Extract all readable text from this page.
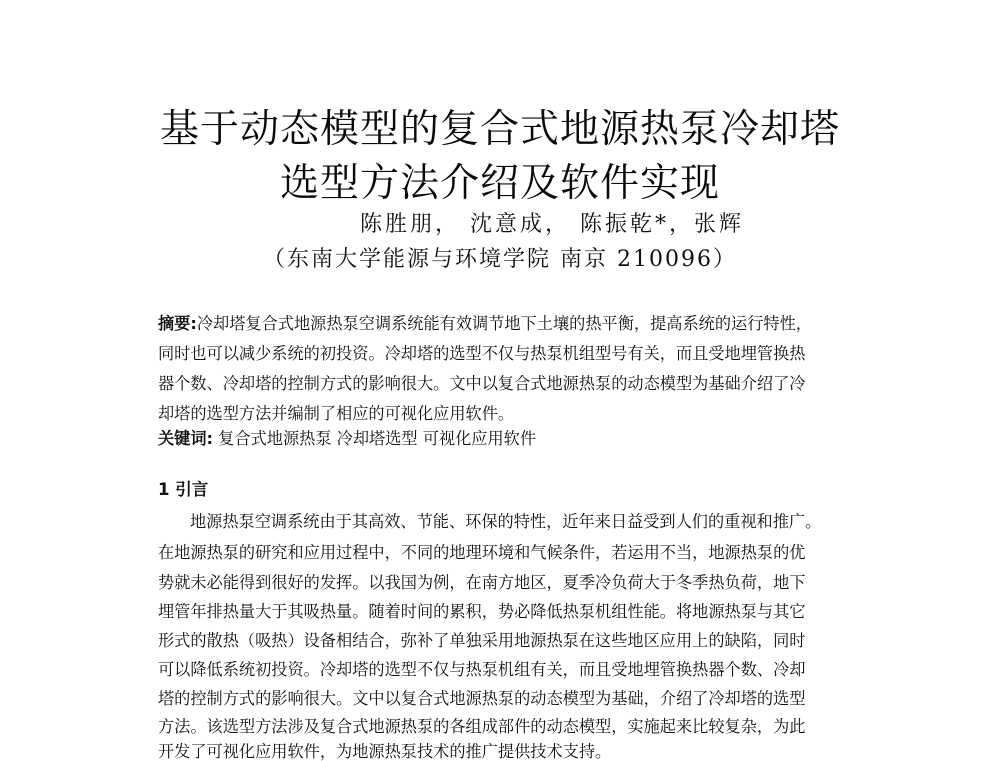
基于动态模型的复合式地源热泵冷却塔
选型方法介绍及软件实现
陈胜朋， 沈意成， 陈振乾*，张辉
（东南大学能源与环境学院 南京 210096）
摘要:冷却塔复合式地源热泵空调系统能有效调节地下土壤的热平衡，提高系统的运行特性，
同时也可以减少系统的初投资。冷却塔的选型不仅与热泵机组型号有关，而且受地埋管换热
器个数、冷却塔的控制方式的影响很大。文中以复合式地源热泵的动态模型为基础介绍了冷
却塔的选型方法并编制了相应的可视化应用软件。
关键词: 复合式地源热泵 冷却塔选型 可视化应用软件
1 引言
地源热泵空调系统由于其高效、节能、环保的特性，近年来日益受到人们的重视和推广。
在地源热泵的研究和应用过程中，不同的地理环境和气候条件，若运用不当，地源热泵的优
势就未必能得到很好的发挥。以我国为例，在南方地区，夏季冷负荷大于冬季热负荷，地下
埋管年排热量大于其吸热量。随着时间的累积，势必降低热泵机组性能。将地源热泵与其它
形式的散热（吸热）设备相结合，弥补了单独采用地源热泵在这些地区应用上的缺陷，同时
可以降低系统初投资。冷却塔的选型不仅与热泵机组有关，而且受地埋管换热器个数、冷却
塔的控制方式的影响很大。文中以复合式地源热泵的动态模型为基础，介绍了冷却塔的选型
方法。该选型方法涉及复合式地源热泵的各组成部件的动态模型，实施起来比较复杂，为此
开发了可视化应用软件，为地源热泵技术的推广提供技术支持。
